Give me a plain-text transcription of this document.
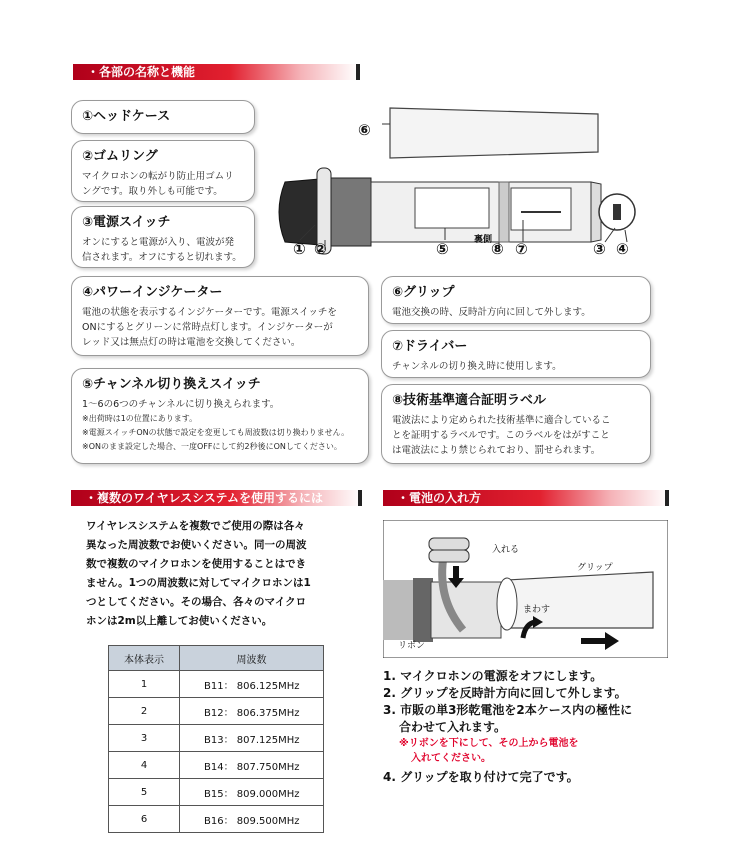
・各部の名称と機能
①ヘッドケース
②ゴムリング
マイクロホンの転がり防止用ゴムリ
ングです。取り外しも可能です。
③電源スイッチ
オンにすると電源が入り、電波が発
信されます。オフにすると切れます。
④パワーインジケーター
電池の状態を表示するインジケーターです。電源スイッチを
ONにするとグリーンに常時点灯します。インジケーターが
レッド又は無点灯の時は電池を交換してください。
⑤チャンネル切り換えスイッチ
1～6の6つのチャンネルに切り換えられます。
※出荷時は1の位置にあります。
※電源スイッチONの状態で設定を変更しても周波数は切り換わりません。
※ONのまま設定した場合、一度OFFにして約2秒後にONしてください。
⑥グリップ
電池交換の時、反時計方向に回して外します。
⑦ドライバー
チャンネルの切り換え時に使用します。
⑧技術基準適合証明ラベル
電波法により定められた技術基準に適合しているこ
とを証明するラベルです。このラベルをはがすこと
は電波法により禁じられており、罰せられます。
⑥
① ②	⑤	裏側
⑧ ⑦	③ ④
・複数のワイヤレスシステムを使用するには
ワイヤレスシステムを複数でご使用の際は各々
異なった周波数でお使いください。同一の周波
数で複数のマイクロホンを使用することはでき
ません。1つの周波数に対してマイクロホンは1
つとしてください。その場合、各々のマイクロ
ホンは2m以上離してお使いください。
本体表示	周波数
1	B11： 806.125MHz
2	B12： 806.375MHz
3	B13： 807.125MHz
4	B14： 807.750MHz
5	B15： 809.000MHz
6	B16： 809.500MHz
・電池の入れ方
入れる
グリップ
まわす
リボン
1. マイクロホンの電源をオフにします。
2. グリップを反時計方向に回して外します。
3. 市販の単3形乾電池を2本ケース内の極性に
合わせて入れます。
※リボンを下にして、その上から電池を
入れてください。
4. グリップを取り付けて完了です。
